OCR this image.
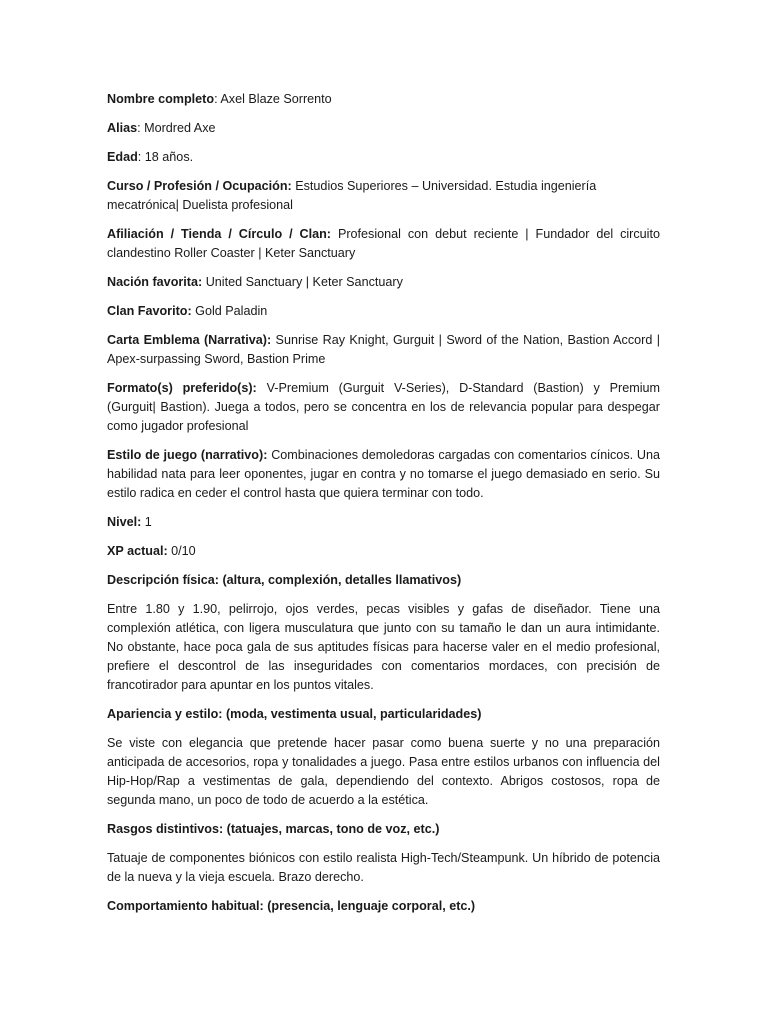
Nombre completo: Axel Blaze Sorrento

Alias: Mordred Axe

Edad: 18 años.

Curso / Profesión / Ocupación: Estudios Superiores – Universidad. Estudia ingeniería mecatrónica| Duelista profesional

Afiliación / Tienda / Círculo / Clan: Profesional con debut reciente | Fundador del circuito clandestino Roller Coaster | Keter Sanctuary

Nación favorita: United Sanctuary | Keter Sanctuary

Clan Favorito: Gold Paladin

Carta Emblema (Narrativa): Sunrise Ray Knight, Gurguit | Sword of the Nation, Bastion Accord | Apex-surpassing Sword, Bastion Prime

Formato(s) preferido(s): V-Premium (Gurguit V-Series), D-Standard (Bastion) y Premium (Gurguit| Bastion). Juega a todos, pero se concentra en los de relevancia popular para despegar como jugador profesional

Estilo de juego (narrativo): Combinaciones demoledoras cargadas con comentarios cínicos. Una habilidad nata para leer oponentes, jugar en contra y no tomarse el juego demasiado en serio. Su estilo radica en ceder el control hasta que quiera terminar con todo.

Nivel: 1

XP actual: 0/10

Descripción física: (altura, complexión, detalles llamativos)

Entre 1.80 y 1.90, pelirrojo, ojos verdes, pecas visibles y gafas de diseñador. Tiene una complexión atlética, con ligera musculatura que junto con su tamaño le dan un aura intimidante. No obstante, hace poca gala de sus aptitudes físicas para hacerse valer en el medio profesional, prefiere el descontrol de las inseguridades con comentarios mordaces, con precisión de francotirador para apuntar en los puntos vitales.

Apariencia y estilo: (moda, vestimenta usual, particularidades)

Se viste con elegancia que pretende hacer pasar como buena suerte y no una preparación anticipada de accesorios, ropa y tonalidades a juego. Pasa entre estilos urbanos con influencia del Hip-Hop/Rap a vestimentas de gala, dependiendo del contexto. Abrigos costosos, ropa de segunda mano, un poco de todo de acuerdo a la estética.

Rasgos distintivos: (tatuajes, marcas, tono de voz, etc.)

Tatuaje de componentes biónicos con estilo realista High-Tech/Steampunk. Un híbrido de potencia de la nueva y la vieja escuela. Brazo derecho.

Comportamiento habitual: (presencia, lenguaje corporal, etc.)
